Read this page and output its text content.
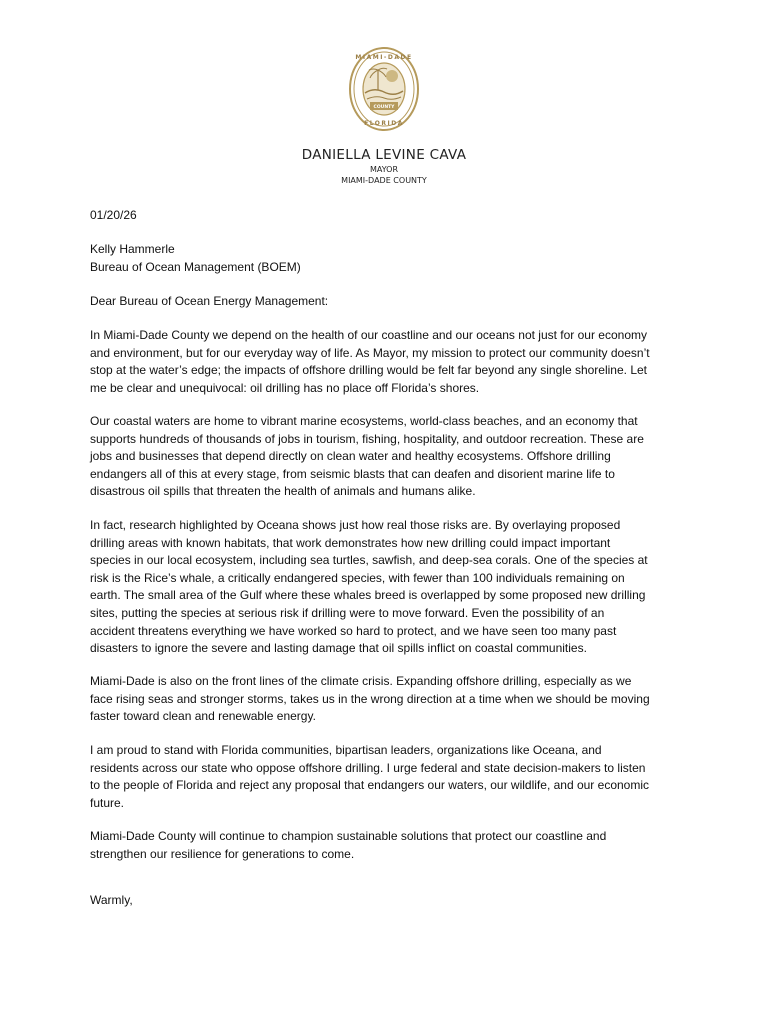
MIAMI-DADE
COUNTY
FLORIDA
DANIELLA LEVINE CAVA
MAYOR
MIAMI-DADE COUNTY
01/20/26
Kelly Hammerle
Bureau of Ocean Management (BOEM)
Dear Bureau of Ocean Energy Management:
In Miami-Dade County we depend on the health of our coastline and our oceans not just for our economy
and environment, but for our everyday way of life. As Mayor, my mission to protect our community doesn’t
stop at the water’s edge; the impacts of offshore drilling would be felt far beyond any single shoreline. Let
me be clear and unequivocal: oil drilling has no place off Florida’s shores.
Our coastal waters are home to vibrant marine ecosystems, world-class beaches, and an economy that
supports hundreds of thousands of jobs in tourism, fishing, hospitality, and outdoor recreation. These are
jobs and businesses that depend directly on clean water and healthy ecosystems. Offshore drilling
endangers all of this at every stage, from seismic blasts that can deafen and disorient marine life to
disastrous oil spills that threaten the health of animals and humans alike.
In fact, research highlighted by Oceana shows just how real those risks are. By overlaying proposed
drilling areas with known habitats, that work demonstrates how new drilling could impact important
species in our local ecosystem, including sea turtles, sawfish, and deep-sea corals. One of the species at
risk is the Rice’s whale, a critically endangered species, with fewer than 100 individuals remaining on
earth. The small area of the Gulf where these whales breed is overlapped by some proposed new drilling
sites, putting the species at serious risk if drilling were to move forward. Even the possibility of an
accident threatens everything we have worked so hard to protect, and we have seen too many past
disasters to ignore the severe and lasting damage that oil spills inflict on coastal communities.
Miami-Dade is also on the front lines of the climate crisis. Expanding offshore drilling, especially as we
face rising seas and stronger storms, takes us in the wrong direction at a time when we should be moving
faster toward clean and renewable energy.
I am proud to stand with Florida communities, bipartisan leaders, organizations like Oceana, and
residents across our state who oppose offshore drilling. I urge federal and state decision-makers to listen
to the people of Florida and reject any proposal that endangers our waters, our wildlife, and our economic
future.
Miami-Dade County will continue to champion sustainable solutions that protect our coastline and
strengthen our resilience for generations to come.
Warmly,
